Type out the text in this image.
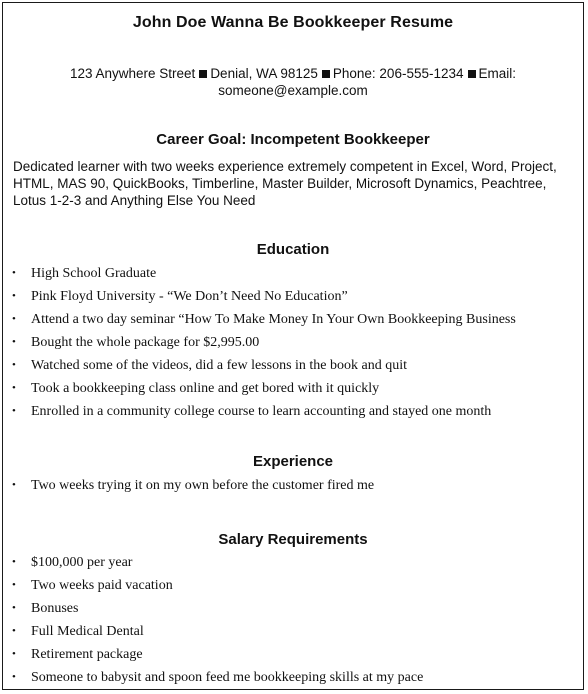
John Doe Wanna Be Bookkeeper Resume
123 Anywhere Street Denial, WA 98125 Phone: 206-555-1234 Email:
someone@example.com
Career Goal: Incompetent Bookkeeper
Dedicated learner with two weeks experience extremely competent in Excel, Word, Project, HTML, MAS 90, QuickBooks, Timberline, Master Builder, Microsoft Dynamics, Peachtree, Lotus 1-2-3 and Anything Else You Need
Education
• High School Graduate
• Pink Floyd University - “We Don’t Need No Education”
• Attend a two day seminar “How To Make Money In Your Own Bookkeeping Business
• Bought the whole package for $2,995.00
• Watched some of the videos, did a few lessons in the book and quit
• Took a bookkeeping class online and get bored with it quickly
• Enrolled in a community college course to learn accounting and stayed one month
Experience
• Two weeks trying it on my own before the customer fired me
Salary Requirements
• $100,000 per year
• Two weeks paid vacation
• Bonuses
• Full Medical Dental
• Retirement package
• Someone to babysit and spoon feed me bookkeeping skills at my pace
